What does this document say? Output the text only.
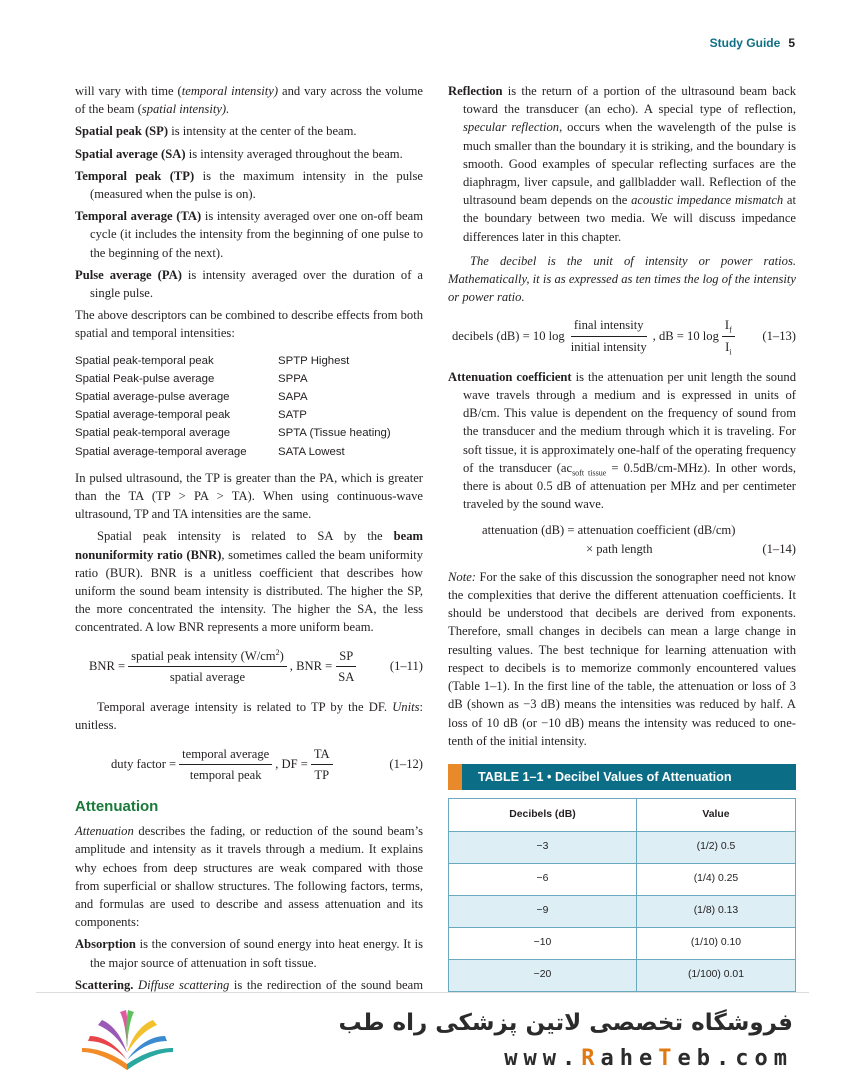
Study Guide 5

will vary with time (temporal intensity) and vary across the volume of the beam (spatial intensity).

Spatial peak (SP) is intensity at the center of the beam.

Spatial average (SA) is intensity averaged throughout the beam.

Temporal peak (TP) is the maximum intensity in the pulse (measured when the pulse is on).

Temporal average (TA) is intensity averaged over one on-off beam cycle (it includes the intensity from the beginning of one pulse to the beginning of the next).

Pulse average (PA) is intensity averaged over the duration of a single pulse.

The above descriptors can be combined to describe effects from both spatial and temporal intensities:

Spatial peak-temporal peak	SPTP Highest
Spatial Peak-pulse average	SPPA
Spatial average-pulse average	SAPA
Spatial average-temporal peak	SATP
Spatial peak-temporal average	SPTA (Tissue heating)
Spatial average-temporal average	SATA Lowest

In pulsed ultrasound, the TP is greater than the PA, which is greater than the TA (TP > PA > TA). When using continuous-wave ultrasound, TP and TA intensities are the same.

Spatial peak intensity is related to SA by the beam nonuniformity ratio (BNR), sometimes called the beam uniformity ratio (BUR). BNR is a unitless coefficient that describes how uniform the sound beam intensity is distributed. The higher the SP, the more concentrated the intensity. The higher the SA, the less concentrated. A low BNR represents a more uniform beam.

BNR = $\frac{spatial peak intensity (W/cm^2)}{\text{spatial average}}$ , BNR = $\frac{SP}{SA}$	(1–11)

Temporal average intensity is related to TP by the DF. Units: unitless.

duty factor = $\frac{\text{temporal average}}{\text{temporal peak}}$ , DF = $\frac{TA}{TP}$	(1–12)
Attenuation

Attenuation describes the fading, or reduction of the sound beam’s amplitude and intensity as it travels through a medium. It explains why echoes from deep structures are weak compared with those from superficial or shallow structures. The following factors, terms, and formulas are used to describe and assess attenuation and its components:

Absorption is the conversion of sound energy into heat energy. It is the major source of attenuation in soft tissue.

Scattering. Diffuse scattering is the redirection of the sound beam

Reflection is the return of a portion of the ultrasound beam back toward the transducer (an echo). A special type of reflection, specular reflection, occurs when the wavelength of the pulse is much smaller than the boundary it is striking, and the boundary is smooth. Good examples of specular reflecting surfaces are the diaphragm, liver capsule, and gallbladder wall. Reflection of the ultrasound beam depends on the acoustic impedance mismatch at the boundary between two media. We will discuss impedance differences later in this chapter.

The decibel is the unit of intensity or power ratios. Mathematically, it is as expressed as ten times the log of the intensity or power ratio.

decibels (dB) = 10 $\log \frac{\text{final intensity}}{\text{initial intensity}}$ , dB = 10 $\log \frac{I_f}{I_i} (1-13)$

Attenuation coefficient is the attenuation per unit length the sound wave travels through a medium and is expressed in units of dB/cm. This value is dependent on the frequency of sound from the transducer and the medium through which it is traveling. For soft tissue, it is approximately one-half of the operating frequency of the transducer $(ac_{soft tissue} = 0.5dB/cm-MHz)$. In other words, there is about 0.5 dB of attenuation per MHz and per centimeter traveled by the sound wave.

attenuation (dB) = attenuation coefficient (dB/cm)
× path length	(1–14)

Note: For the sake of this discussion the sonographer need not know the complexities that derive the different attenuation coefficients. It should be understood that decibels are derived from exponents. Therefore, small changes in decibels can mean a large change in resulting values. The best technique for learning attenuation with respect to decibels is to memorize commonly encountered values (Table 1–1). In the first line of the table, the attenuation or loss of 3 dB (shown as −3 dB) means the intensities was reduced by half. A loss of 10 dB (or −10 dB) means the intensity was reduced to one-tenth of the initial intensity.

TABLE 1–1 • Decibel Values of Attenuation
Decibels (dB)	Value
−3	(1/2) 0.5
−6	(1/4) 0.25
−9	(1/8) 0.13
−10	(1/10) 0.10
−20	(1/100) 0.01
فروشگاه تخصصی لاتین پزشکی راه طب
www.RaheTeb.com
